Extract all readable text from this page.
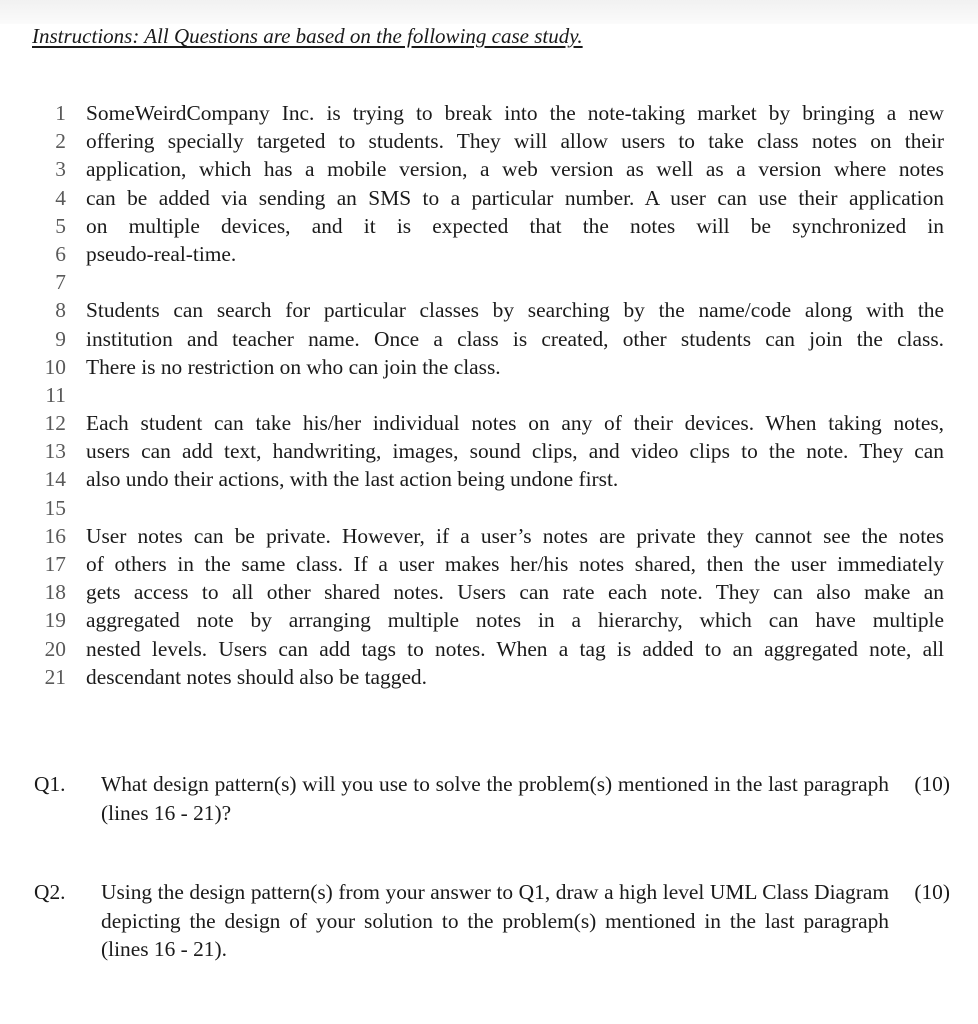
Instructions: All Questions are based on the following case study.
1 SomeWeirdCompany Inc. is trying to break into the note-taking market by bringing a new
2 offering specially targeted to students. They will allow users to take class notes on their
3 application, which has a mobile version, a web version as well as a version where notes
4 can be added via sending an SMS to a particular number. A user can use their application
5 on multiple devices, and it is expected that the notes will be synchronized in
6 pseudo-real-time.
7
8 Students can search for particular classes by searching by the name/code along with the
9 institution and teacher name. Once a class is created, other students can join the class.
10 There is no restriction on who can join the class.
11
12 Each student can take his/her individual notes on any of their devices. When taking notes,
13 users can add text, handwriting, images, sound clips, and video clips to the note. They can
14 also undo their actions, with the last action being undone first.
15
16 User notes can be private. However, if a user’s notes are private they cannot see the notes
17 of others in the same class. If a user makes her/his notes shared, then the user immediately
18 gets access to all other shared notes. Users can rate each note. They can also make an
19 aggregated note by arranging multiple notes in a hierarchy, which can have multiple
20 nested levels. Users can add tags to notes. When a tag is added to an aggregated note, all
21 descendant notes should also be tagged.
Q1. What design pattern(s) will you use to solve the problem(s) mentioned in the last paragraph (lines 16 - 21)?
(10)
Q2. Using the design pattern(s) from your answer to Q1, draw a high level UML Class Diagram depicting the design of your solution to the problem(s) mentioned in the last paragraph (lines 16 - 21).
(10)
